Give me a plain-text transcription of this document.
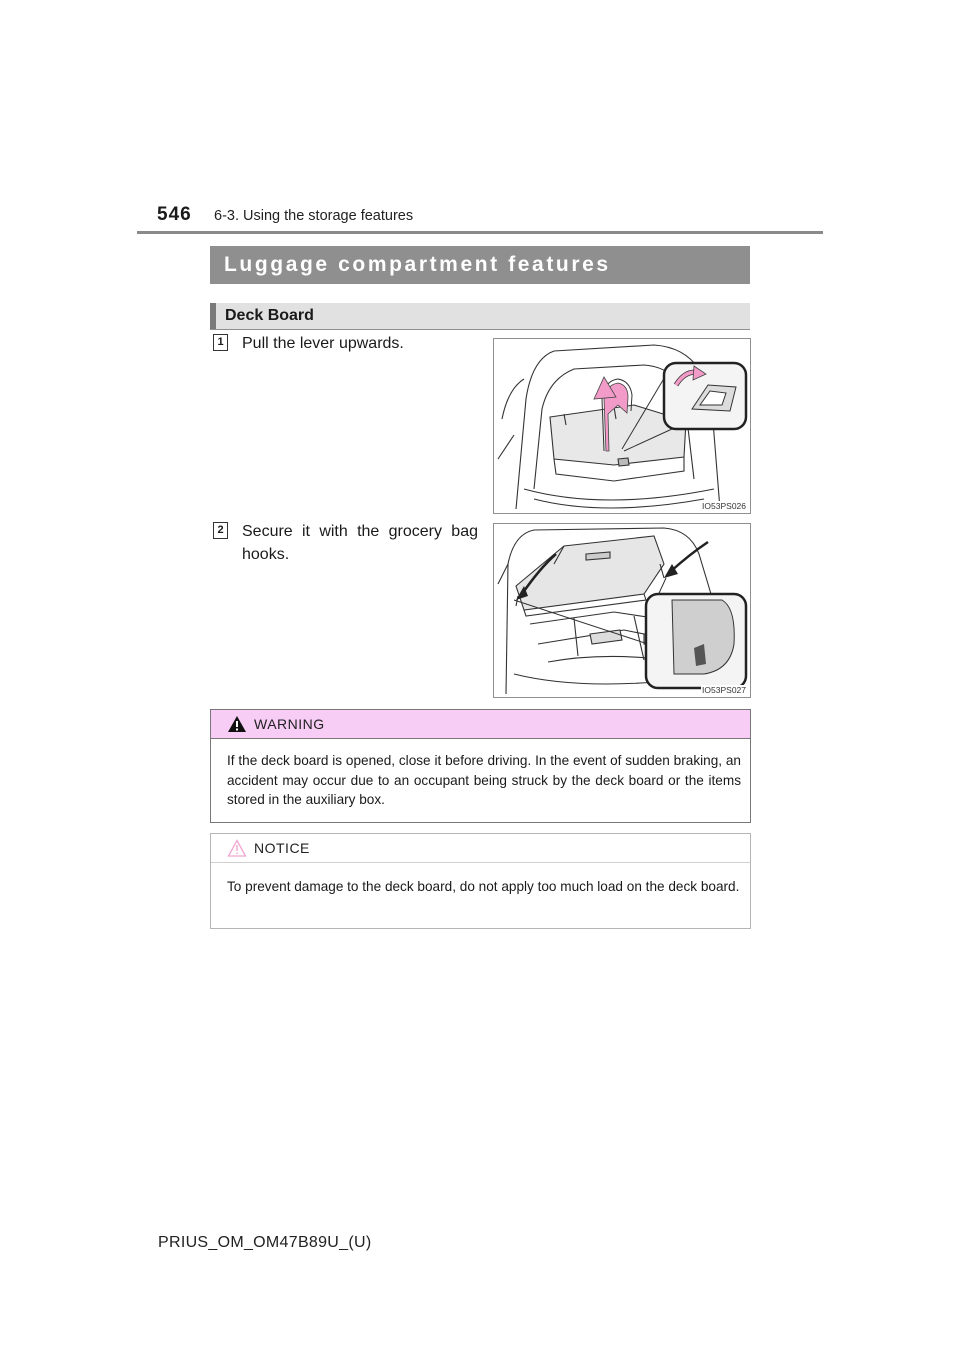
546 6-3. Using the storage features
Luggage compartment features
Deck Board
1 Pull the lever upwards.
IO53PS026
2 Secure it with the grocery bag hooks.
IO53PS027
WARNING
If the deck board is opened, close it before driving. In the event of sudden braking, an accident may occur due to an occupant being struck by the deck board or the items stored in the auxiliary box.
NOTICE
To prevent damage to the deck board, do not apply too much load on the deck board.
PRIUS_OM_OM47B89U_(U)
